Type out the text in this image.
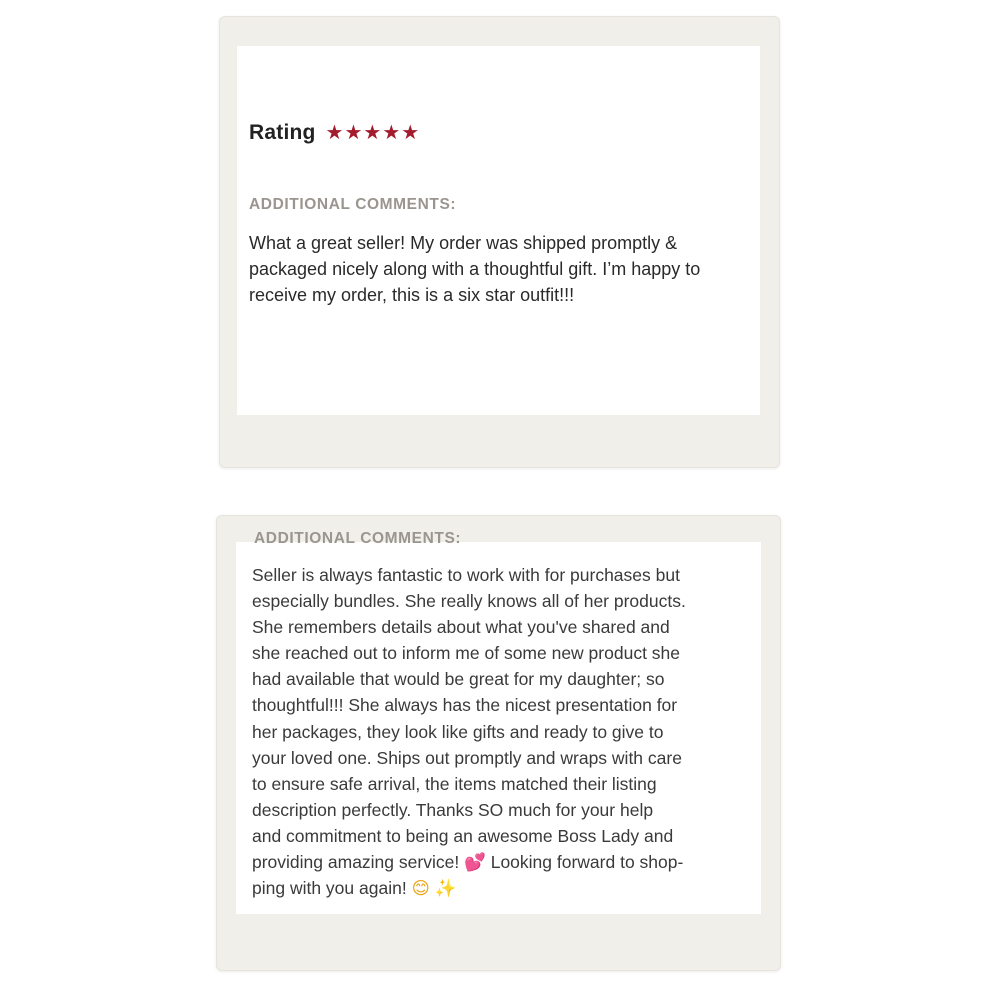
Rating ★ ★ ★ ★ ★
ADDITIONAL COMMENTS:
What a great seller! My order was shipped promptly & packaged nicely along with a thoughtful gift. I’m happy to receive my order, this is a six star outfit!!!
ADDITIONAL COMMENTS:
Seller is always fantastic to work with for purchases but
especially bundles. She really knows all of her products.
She remembers details about what you've shared and
she reached out to inform me of some new product she
had available that would be great for my daughter; so
thoughtful!!! She always has the nicest presentation for
her packages, they look like gifts and ready to give to
your loved one. Ships out promptly and wraps with care
to ensure safe arrival, the items matched their listing
description perfectly. Thanks SO much for your help
and commitment to being an awesome Boss Lady and
providing amazing service! 💕 Looking forward to shop-
ping with you again! 😊 ✨
